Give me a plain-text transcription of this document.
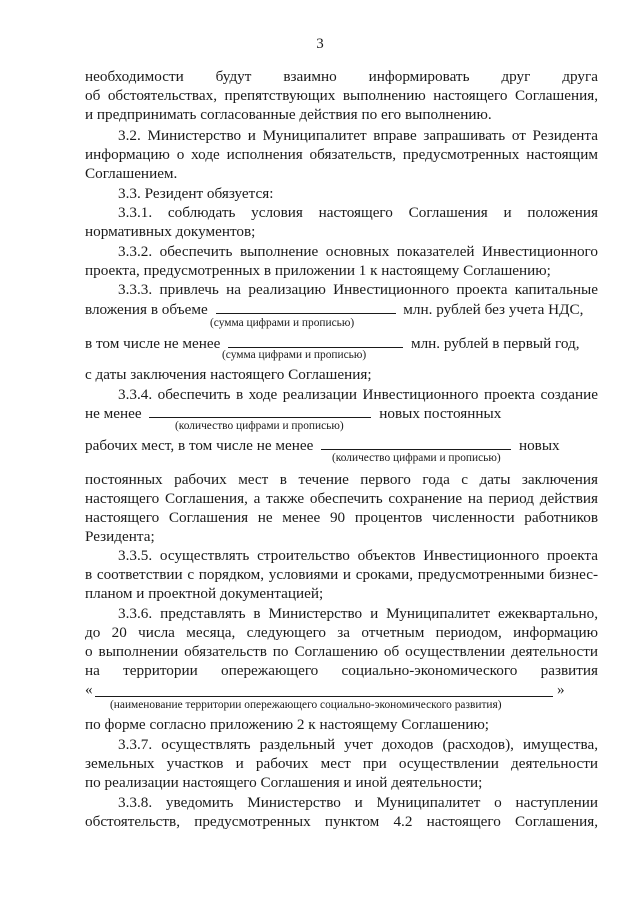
3
необходимости будут взаимно информировать друг друга
об обстоятельствах, препятствующих выполнению настоящего Соглашения,
и предпринимать согласованные действия по его выполнению.
3.2. Министерство и Муниципалитет вправе запрашивать от Резидента
информацию о ходе исполнения обязательств, предусмотренных настоящим
Соглашением.
3.3. Резидент обязуется:
3.3.1. соблюдать условия настоящего Соглашения и положения
нормативных документов;
3.3.2. обеспечить выполнение основных показателей Инвестиционного
проекта, предусмотренных в приложении 1 к настоящему Соглашению;
3.3.3. привлечь на реализацию Инвестиционного проекта капитальные
вложения в объеме	млн. рублей без учета НДС,
(сумма цифрами и прописью)
в том числе не менее	млн. рублей в первый год,
(сумма цифрами и прописью)
с даты заключения настоящего Соглашения;
3.3.4. обеспечить в ходе реализации Инвестиционного проекта создание
не менее	новых постоянных
(количество цифрами и прописью)
рабочих мест, в том числе не менее	новых
(количество цифрами и прописью)
постоянных рабочих мест в течение первого года с даты заключения
настоящего Соглашения, а также обеспечить сохранение на период действия
настоящего Соглашения не менее 90 процентов численности работников
Резидента;
3.3.5. осуществлять строительство объектов Инвестиционного проекта
в соответствии с порядком, условиями и сроками, предусмотренными бизнес-
планом и проектной документацией;
3.3.6. представлять в Министерство и Муниципалитет ежеквартально,
до 20 числа месяца, следующего за отчетным периодом, информацию
о выполнении обязательств по Соглашению об осуществлении деятельности
на территории опережающего социально-экономического развития
«	»
(наименование территории опережающего социально-экономического развития)
по форме согласно приложению 2 к настоящему Соглашению;
3.3.7. осуществлять раздельный учет доходов (расходов), имущества,
земельных участков и рабочих мест при осуществлении деятельности
по реализации настоящего Соглашения и иной деятельности;
3.3.8. уведомить Министерство и Муниципалитет о наступлении
обстоятельств, предусмотренных пунктом 4.2 настоящего Соглашения,
